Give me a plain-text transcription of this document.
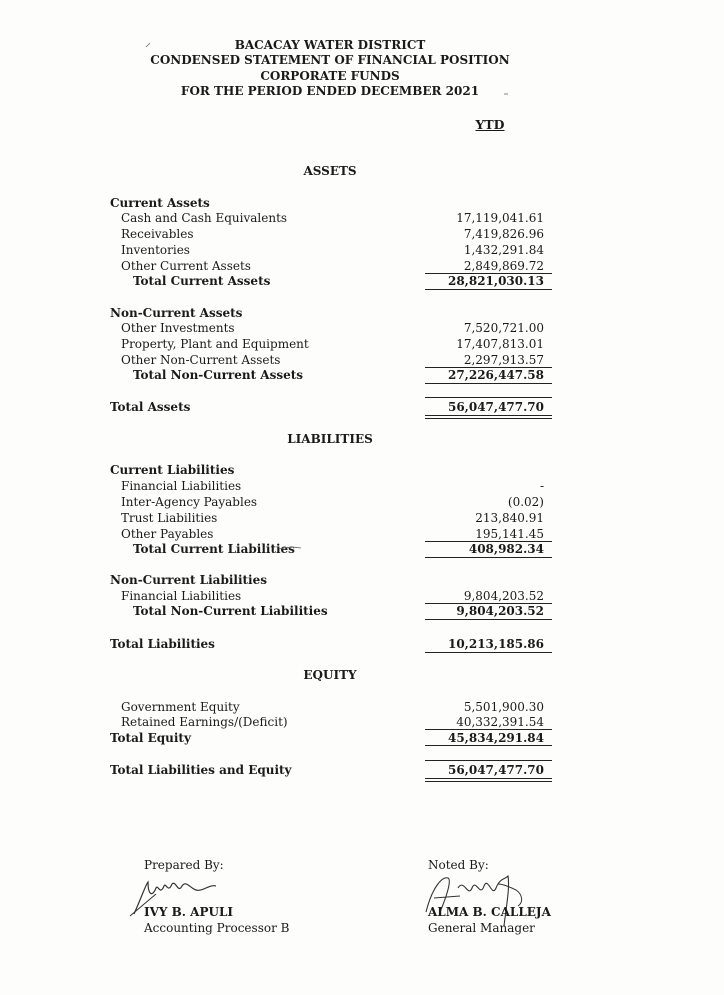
BACACAY WATER DISTRICT
CONDENSED STATEMENT OF FINANCIAL POSITION
CORPORATE FUNDS
FOR THE PERIOD ENDED DECEMBER 2021
YTD
ASSETS
Current Assets
Cash and Cash Equivalents	17,119,041.61
Receivables	7,419,826.96
Inventories	1,432,291.84
Other Current Assets	2,849,869.72
Total Current Assets	28,821,030.13
Non-Current Assets
Other Investments	7,520,721.00
Property, Plant and Equipment	17,407,813.01
Other Non-Current Assets	2,297,913.57
Total Non-Current Assets	27,226,447.58
Total Assets	56,047,477.70
LIABILITIES
Current Liabilities
Financial Liabilities	-
Inter-Agency Payables	(0.02)
Trust Liabilities	213,840.91
Other Payables	195,141.45
Total Current Liabilities	408,982.34
Non-Current Liabilities
Financial Liabilities	9,804,203.52
Total Non-Current Liabilities	9,804,203.52
Total Liabilities	10,213,185.86
EQUITY
Government Equity	5,501,900.30
Retained Earnings/(Deficit)	40,332,391.54
Total Equity	45,834,291.84
Total Liabilities and Equity	56,047,477.70
Prepared By:
IVY B. APULI
Accounting Processor B
Noted By:
ALMA B. CALLEJA
General Manager
